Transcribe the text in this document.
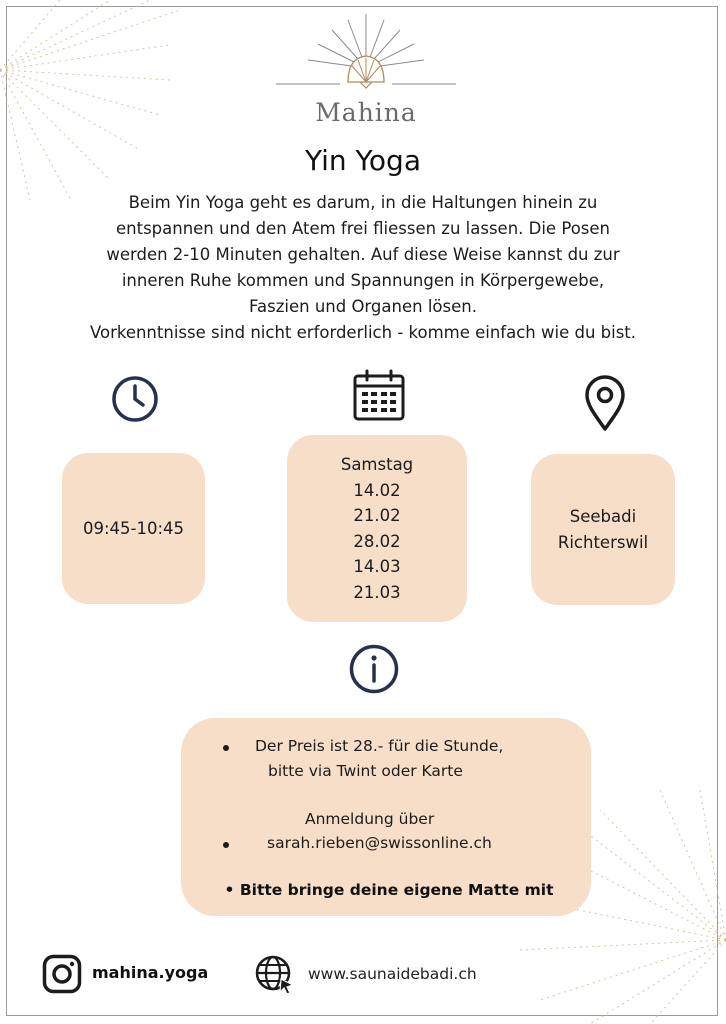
Mahina
Yin Yoga
Beim Yin Yoga geht es darum, in die Haltungen hinein zu
entspannen und den Atem frei fliessen zu lassen. Die Posen
werden 2-10 Minuten gehalten. Auf diese Weise kannst du zur
inneren Ruhe kommen und Spannungen in Körpergewebe,
Faszien und Organen lösen.
Vorkenntnisse sind nicht erforderlich - komme einfach wie du bist.
09:45-10:45
Samstag
14.02
21.02
28.02
14.03
21.03
Seebadi
Richterswil
Der Preis ist 28.- für die Stunde,
bitte via Twint oder Karte
Anmeldung über
sarah.rieben@swissonline.ch
• Bitte bringe deine eigene Matte mit
mahina.yoga	www.saunaidebadi.ch
